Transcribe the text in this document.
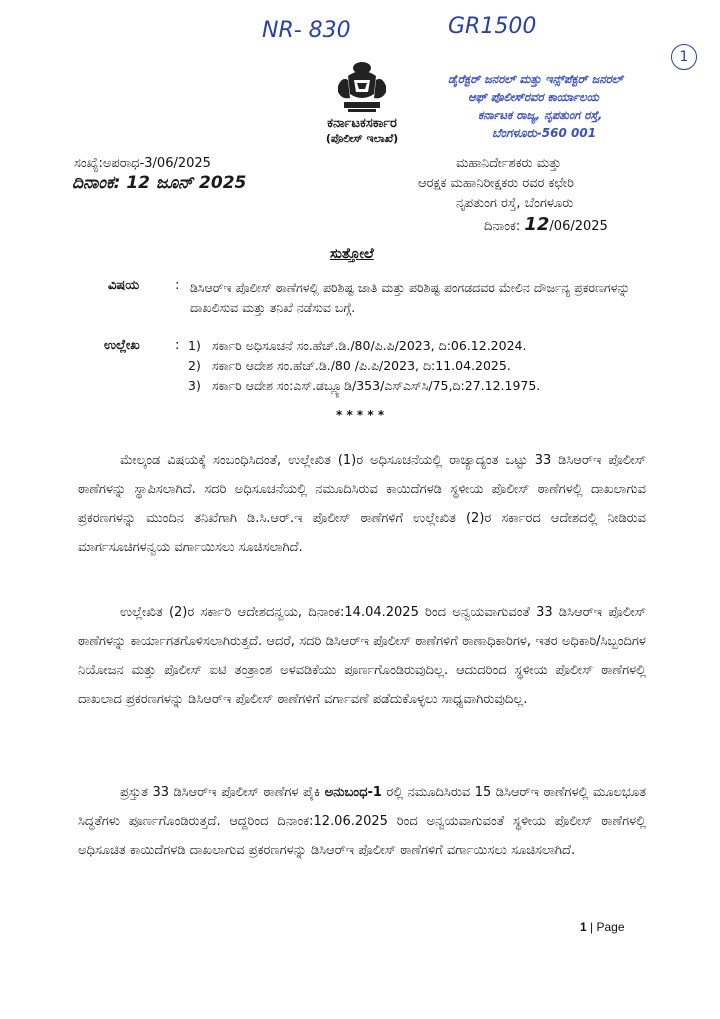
NR- 830	GR1500
1
ಕರ್ನಾಟಕಸರ್ಕಾರ
(ಪೊಲೀಸ್ ಇಲಾಖೆ)
ಡೈರೆಕ್ಟರ್ ಜನರಲ್ ಮತ್ತು ಇನ್ಸ್‌ಪೆಕ್ಟರ್ ಜನರಲ್
ಆಫ್ ಪೊಲೀಸ್‌ರವರ ಕಾರ್ಯಾಲಯ
ಕರ್ನಾಟಕ ರಾಜ್ಯ, ನೃಪತುಂಗ ರಸ್ತೆ,
ಬೆಂಗಳೂರು-560 001
ಸಂಖ್ಯೆ:ಅಪರಾಧ-3/06/2025
ದಿನಾಂಕ: 12 ಜೂನ್ 2025
ಮಹಾನಿರ್ದೇಶಕರು ಮತ್ತು
ಆರಕ್ಷಕ ಮಹಾನಿರೀಕ್ಷಕರು ರವರ ಕಛೇರಿ
ನೃಪತುಂಗ ರಸ್ತೆ, ಬೆಂಗಳೂರು
ದಿನಾಂಕ: 12/06/2025
ಸುತ್ತೋಲೆ
ವಿಷಯ	: ಡಿಸಿಆರ್‌ಇ ಪೊಲೀಸ್ ಠಾಣೆಗಳಲ್ಲಿ ಪರಿಶಿಷ್ಟ ಜಾತಿ ಮತ್ತು ಪರಿಶಿಷ್ಟ ಪಂಗಡದವರ ಮೇಲಿನ ದೌರ್ಜನ್ಯ ಪ್ರಕರಣಗಳನ್ನು ದಾಖಲಿಸುವ ಮತ್ತು ತನಿಖೆ ನಡೆಸುವ ಬಗ್ಗೆ.
ಉಲ್ಲೇಖ	: 1) ಸರ್ಕಾರಿ ಅಧಿಸೂಚನೆ ಸಂ.ಹೆಚ್.ಡಿ./80/ಪಿ.ಪಿ/2023, ದಿ:06.12.2024.
2) ಸರ್ಕಾರಿ ಆದೇಶ ಸಂ.ಹೆಚ್.ಡಿ./80 /ಪಿ.ಪಿ/2023, ದಿ:11.04.2025.
3) ಸರ್ಕಾರಿ ಆದೇಶ ಸಂ:ಎಸ್.ಡಬ್ಲ್ಯೂಡಿ/353/ಎಸ್‌ಎಸ್‌ಸಿ/75,ದಿ:27.12.1975.
* * * * *
ಮೇಲ್ಕಂಡ ವಿಷಯಕ್ಕೆ ಸಂಬಂಧಿಸಿದಂತೆ, ಉಲ್ಲೇಖಿತ (1)ರ ಅಧಿಸೂಚನೆಯಲ್ಲಿ ರಾಜ್ಯಾದ್ಯಂತ ಒಟ್ಟು 33 ಡಿಸಿಆರ್‌ಇ ಪೊಲೀಸ್ ಠಾಣೆಗಳನ್ನು ಸ್ಥಾಪಿಸಲಾಗಿದೆ. ಸದರಿ ಅಧಿಸೂಚನೆಯಲ್ಲಿ ನಮೂದಿಸಿರುವ ಕಾಯಿದೆಗಳಡಿ ಸ್ಥಳೀಯ ಪೊಲೀಸ್ ಠಾಣೆಗಳಲ್ಲಿ ದಾಖಲಾಗುವ ಪ್ರಕರಣಗಳನ್ನು ಮುಂದಿನ ತನಿಖೆಗಾಗಿ ಡಿ.ಸಿ.ಆರ್.ಇ ಪೊಲೀಸ್ ಠಾಣೆಗಳಿಗೆ ಉಲ್ಲೇಖಿತ (2)ರ ಸರ್ಕಾರದ ಆದೇಶದಲ್ಲಿ ನೀಡಿರುವ ಮಾರ್ಗಸೂಚಿಗಳನ್ವಯ ವರ್ಗಾಯಿಸಲು ಸೂಚಿಸಲಾಗಿದೆ.
ಉಲ್ಲೇಖಿತ (2)ರ ಸರ್ಕಾರಿ ಆದೇಶದನ್ವಯ, ದಿನಾಂಕ:14.04.2025 ರಿಂದ ಅನ್ವಯವಾಗುವಂತೆ 33 ಡಿಸಿಆರ್‌ಇ ಪೊಲೀಸ್ ಠಾಣೆಗಳನ್ನು ಕಾರ್ಯಾಗತಗೊಳಿಸಲಾಗಿರುತ್ತದೆ. ಆದರೆ, ಸದರಿ ಡಿಸಿಆರ್‌ಇ ಪೊಲೀಸ್ ಠಾಣೆಗಳಿಗೆ ಠಾಣಾಧಿಕಾರಿಗಳ, ಇತರ ಅಧಿಕಾರಿ/ಸಿಬ್ಬಂದಿಗಳ ನಿಯೋಜನ ಮತ್ತು ಪೊಲೀಸ್ ಐಟಿ ತಂತ್ರಾಂಶ ಅಳವಡಿಕೆಯು ಪೂರ್ಣಗೊಂಡಿರುವುದಿಲ್ಲ. ಆದುದರಿಂದ ಸ್ಥಳೀಯ ಪೊಲೀಸ್ ಠಾಣೆಗಳಲ್ಲಿ ದಾಖಲಾದ ಪ್ರಕರಣಗಳನ್ನು ಡಿಸಿಆರ್‌ಇ ಪೊಲೀಸ್ ಠಾಣೆಗಳಿಗೆ ವರ್ಗಾವಣೆ ಪಡೆದುಕೊಳ್ಳಲು ಸಾಧ್ಯವಾಗಿರುವುದಿಲ್ಲ.
ಪ್ರಸ್ತುತ 33 ಡಿಸಿಆರ್‌ಇ ಪೊಲೀಸ್ ಠಾಣೆಗಳ ಪೈಕಿ ಅನುಬಂಧ-1 ರಲ್ಲಿ ನಮೂದಿಸಿರುವ 15 ಡಿಸಿಆರ್‌ಇ ಠಾಣೆಗಳಲ್ಲಿ ಮೂಲಭೂತ ಸಿದ್ಧತೆಗಳು ಪೂರ್ಣಗೊಂಡಿರುತ್ತದೆ. ಆದ್ದರಿಂದ ದಿನಾಂಕ:12.06.2025 ರಿಂದ ಅನ್ವಯವಾಗುವಂತೆ ಸ್ಥಳೀಯ ಪೊಲೀಸ್ ಠಾಣೆಗಳಲ್ಲಿ ಅಧಿಸೂಚಿತ ಕಾಯಿದೆಗಳಡಿ ದಾಖಲಾಗುವ ಪ್ರಕರಣಗಳನ್ನು ಡಿಸಿಆರ್‌ಇ ಪೊಲೀಸ್ ಠಾಣೆಗಳಿಗೆ ವರ್ಗಾಯಿಸಲು ಸೂಚಿಸಲಾಗಿದೆ.
1 | Page
